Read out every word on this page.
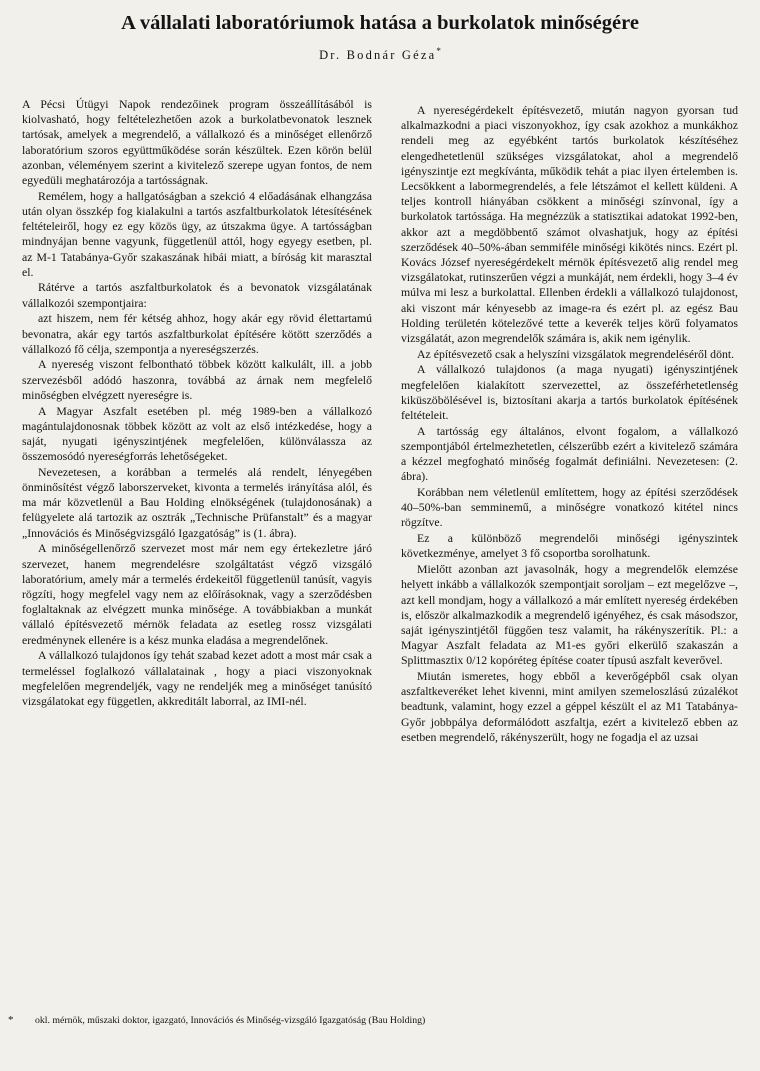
A vállalati laboratóriumok hatása a burkolatok minőségére
Dr. Bodnár Géza*

A Pécsi Útügyi Napok rendezőinek program összeállításából is kiolvasható, hogy feltételezhetően azok a burkolatbevonatok lesznek tartósak, amelyek a megrendelő, a vállalkozó és a minőséget ellenőrző laboratórium szoros együttműködése során készültek. Ezen körön belül azonban, véleményem szerint a kivitelező szerepe ugyan fontos, de nem egyedüli meghatározója a tartósságnak.

Remélem, hogy a hallgatóságban a szekció 4 előadásának elhangzása után olyan összkép fog kialakulni a tartós aszfaltburkolatok létesítésének feltételeiről, hogy ez egy közös ügy, az útszakma ügye. A tartósságban mindnyájan benne vagyunk, függetlenül attól, hogy egyegy esetben, pl. az M-1 Tatabánya-Győr szakaszának hibái miatt, a bíróság kit marasztal el.

Rátérve a tartós aszfaltburkolatok és a bevonatok vizsgálatának vállalkozói szempontjaira:

azt hiszem, nem fér kétség ahhoz, hogy akár egy rövid élettartamú bevonatra, akár egy tartós aszfaltburkolat építésére kötött szerződés a vállalkozó fő célja, szempontja a nyereségszerzés.

A nyereség viszont felbontható többek között kalkulált, ill. a jobb szervezésből adódó haszonra, továbbá az árnak nem megfelelő minőségben elvégzett nyereségre is.

A Magyar Aszfalt esetében pl. még 1989-ben a vállalkozó magántulajdonosnak többek között az volt az első intézkedése, hogy a saját, nyugati igényszintjének megfelelően, különválassza az összemosódó nyereségforrás lehetőségeket.

Nevezetesen, a korábban a termelés alá rendelt, lényegében önminősítést végző laborszerveket, kivonta a termelés irányítása alól, és ma már közvetlenül a Bau Holding elnökségének (tulajdonosának) a felügyelete alá tartozik az osztrák „Technische Prüfanstalt” és a magyar „Innovációs és Minőségvizsgáló Igazgatóság” is (1. ábra).

A minőségellenőrző szervezet most már nem egy értekezletre járó szervezet, hanem megrendelésre szolgáltatást végző vizsgáló laboratórium, amely már a termelés érdekeitől függetlenül tanúsít, vagyis rögzíti, hogy megfelel vagy nem az előírásoknak, vagy a szerződésben foglaltaknak az elvégzett munka minősége. A továbbiakban a munkát vállaló építésvezető mérnök feladata az esetleg rossz vizsgálati eredménynek ellenére is a kész munka eladása a megrendelőnek.

A vállalkozó tulajdonos így tehát szabad kezet adott a most már csak a termeléssel foglalkozó vállalatainak , hogy a piaci viszonyoknak megfelelően megrendeljék, vagy ne rendeljék meg a minőséget tanúsító vizsgálatokat egy független, akkreditált laborral, az IMI-nél.

A nyereségérdekelt építésvezető, miután nagyon gyorsan tud alkalmazkodni a piaci viszonyokhoz, így csak azokhoz a munkákhoz rendeli meg az egyébként tartós burkolatok készítéséhez elengedhetetlenül szükséges vizsgálatokat, ahol a megrendelő igényszintje ezt megkívánta, működik tehát a piac ilyen értelemben is. Lecsökkent a labormegrendelés, a fele létszámot el kellett küldeni. A teljes kontroll hiányában csökkent a minőségi színvonal, így a burkolatok tartóssága. Ha megnézzük a statisztikai adatokat 1992-ben, akkor azt a megdöbbentő számot olvashatjuk, hogy az építési szerződések 40–50%-ában semmiféle minőségi kikötés nincs. Ezért pl. Kovács József nyereségérdekelt mérnök építésvezető alig rendel meg vizsgálatokat, rutinszerűen végzi a munkáját, nem érdekli, hogy 3–4 év múlva mi lesz a burkolattal. Ellenben érdekli a vállalkozó tulajdonost, aki viszont már kényesebb az image-ra és ezért pl. az egész Bau Holding területén kötelezővé tette a keverék teljes körű folyamatos vizsgálatát, azon megrendelők számára is, akik nem igénylik.

Az építésvezető csak a helyszíni vizsgálatok megrendeléséről dönt.

A vállalkozó tulajdonos (a maga nyugati) igényszintjének megfelelően kialakított szervezettel, az összeférhetetlenség kiküszöbölésével is, biztosítani akarja a tartós burkolatok építésének feltételeit.

A tartósság egy általános, elvont fogalom, a vállalkozó szempontjából értelmezhetetlen, célszerűbb ezért a kivitelező számára a kézzel megfogható minőség fogalmát definiálni. Nevezetesen: (2. ábra).

Korábban nem véletlenül említettem, hogy az építési szerződések 40–50%-ban semminemű, a minőségre vonatkozó kitétel nincs rögzítve.

Ez a különböző megrendelői minőségi igényszintek következménye, amelyet 3 fő csoportba sorolhatunk.

Mielőtt azonban azt javasolnák, hogy a megrendelők elemzése helyett inkább a vállalkozók szempontjait soroljam – ezt megelőzve –, azt kell mondjam, hogy a vállalkozó a már említett nyereség érdekében is, először alkalmazkodik a megrendelő igényéhez, és csak másodszor, saját igényszintjétől függően tesz valamit, ha rákényszerítik. Pl.: a Magyar Aszfalt feladata az M1-es győri elkerülő szakaszán a Splittmasztix 0/12 kopóréteg építése coater típusú aszfalt keverővel.

Miután ismeretes, hogy ebből a keverőgépből csak olyan aszfaltkeveréket lehet kivenni, mint amilyen szemeloszlású zúzalékot beadtunk, valamint, hogy ezzel a géppel készült el az M1 Tatabánya-Győr jobbpálya deformálódott aszfaltja, ezért a kivitelező ebben az esetben megrendelő, rákényszerült, hogy ne fogadja el az uzsai

* okl. mérnök, műszaki doktor, igazgató, Innovációs és Minőség-vizsgáló Igazgatóság (Bau Holding)
